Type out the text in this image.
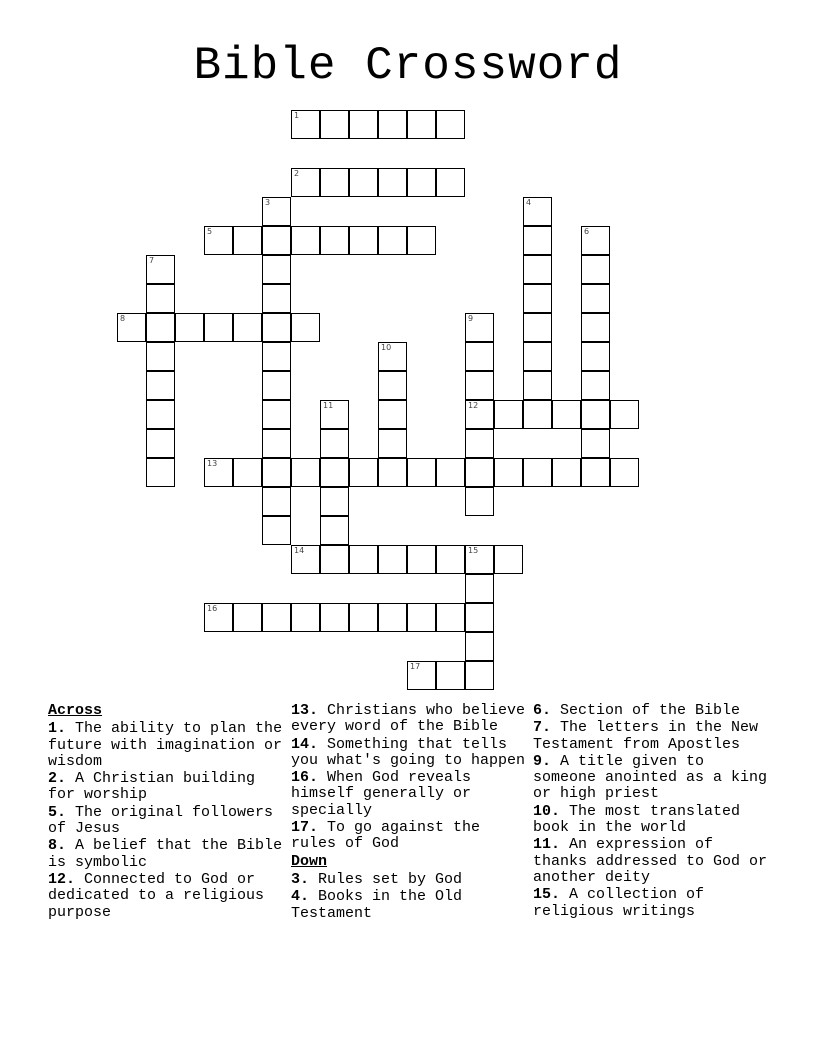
Bible Crossword
1
2
3	4
5	6
7
8	9
12
10
11
13
14	15
16
17
Across
1. The ability to plan the future with imagination or wisdom
2. A Christian building for worship
5. The original followers of Jesus
8. A belief that the Bible is symbolic
12. Connected to God or dedicated to a religious purpose
13. Christians who believe every word of the Bible
14. Something that tells you what's going to happen
16. When God reveals himself generally or specially
17. To go against the rules of God
Down
3. Rules set by God
4. Books in the Old Testament
6. Section of the Bible
7. The letters in the New Testament from Apostles
9. A title given to someone anointed as a king or high priest
10. The most translated book in the world
11. An expression of thanks addressed to God or another deity
15. A collection of religious writings
